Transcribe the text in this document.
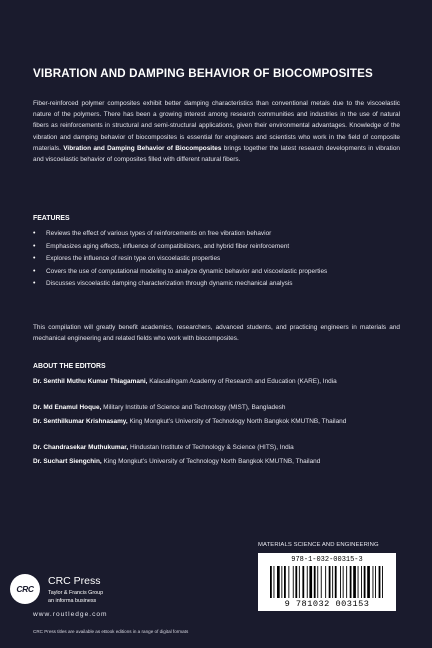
VIBRATION AND DAMPING BEHAVIOR OF BIOCOMPOSITES

Fiber-reinforced polymer composites exhibit better damping characteristics than conventional metals due to the viscoelastic nature of the polymers. There has been a growing interest among research communities and industries in the use of natural fibers as reinforcements in structural and semi-structural applications, given their environmental advantages. Knowledge of the vibration and damping behavior of biocomposites is essential for engineers and scientists who work in the field of composite materials. Vibration and Damping Behavior of Biocomposites brings together the latest research developments in vibration and viscoelastic behavior of composites filled with different natural fibers.

FEATURES
• Reviews the effect of various types of reinforcements on free vibration behavior
• Emphasizes aging effects, influence of compatibilizers, and hybrid fiber reinforcement
• Explores the influence of resin type on viscoelastic properties
• Covers the use of computational modeling to analyze dynamic behavior and viscoelastic properties
• Discusses viscoelastic damping characterization through dynamic mechanical analysis

This compilation will greatly benefit academics, researchers, advanced students, and practicing engineers in materials and mechanical engineering and related fields who work with biocomposites.

ABOUT THE EDITORS

Dr. Senthil Muthu Kumar Thiagamani, Kalasalingam Academy of Research and Education (KARE), India

Dr. Md Enamul Hoque, Military Institute of Science and Technology (MIST), Bangladesh

Dr. Senthilkumar Krishnasamy, King Mongkut’s University of Technology North Bangkok KMUTNB, Thailand

Dr. Chandrasekar Muthukumar, Hindustan Institute of Technology & Science (HITS), India

Dr. Suchart Siengchin, King Mongkut’s University of Technology North Bangkok KMUTNB, Thailand

CRC

CRC Press

Taylor & Francis Group

an informa business

www.routledge.com

CRC Press titles are available as eBook editions in a range of digital formats

MATERIALS SCIENCE AND ENGINEERING

978-1-032-00315-3

9 781032 003153
